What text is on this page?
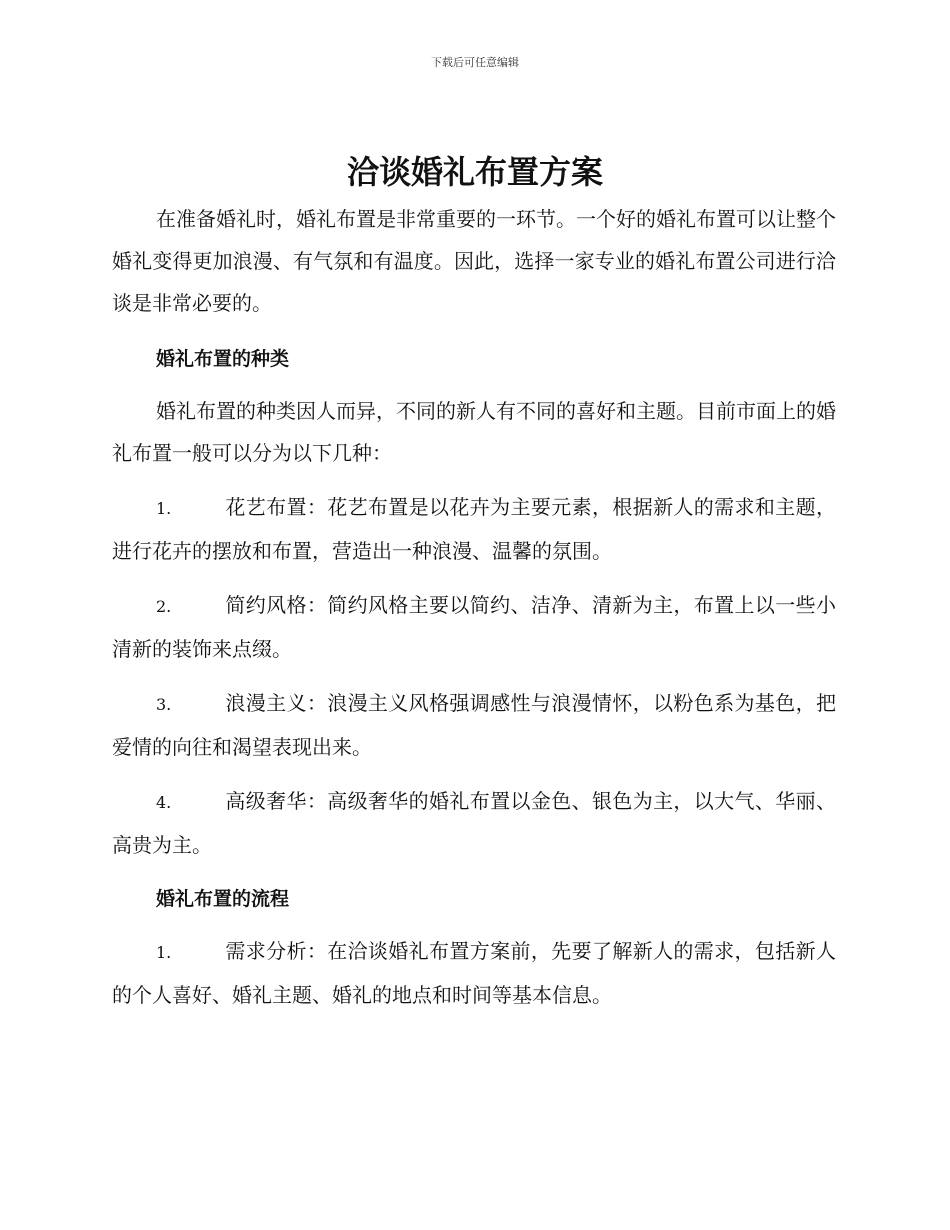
下载后可任意编辑
洽谈婚礼布置方案

在准备婚礼时，婚礼布置是非常重要的一环节。一个好的婚礼布置可以让整个婚礼变得更加浪漫、有气氛和有温度。因此，选择一家专业的婚礼布置公司进行洽谈是非常必要的。

婚礼布置的种类

婚礼布置的种类因人而异，不同的新人有不同的喜好和主题。目前市面上的婚礼布置一般可以分为以下几种：

1.	花艺布置：花艺布置是以花卉为主要元素，根据新人的需求和主题，进行花卉的摆放和布置，营造出一种浪漫、温馨的氛围。
2.	简约风格：简约风格主要以简约、洁净、清新为主，布置上以一些小清新的装饰来点缀。
3.	浪漫主义：浪漫主义风格强调感性与浪漫情怀，以粉色系为基色，把爱情的向往和渴望表现出来。
4.	高级奢华：高级奢华的婚礼布置以金色、银色为主，以大气、华丽、高贵为主。
婚礼布置的流程
1.	需求分析：在洽谈婚礼布置方案前，先要了解新人的需求，包括新人的个人喜好、婚礼主题、婚礼的地点和时间等基本信息。
